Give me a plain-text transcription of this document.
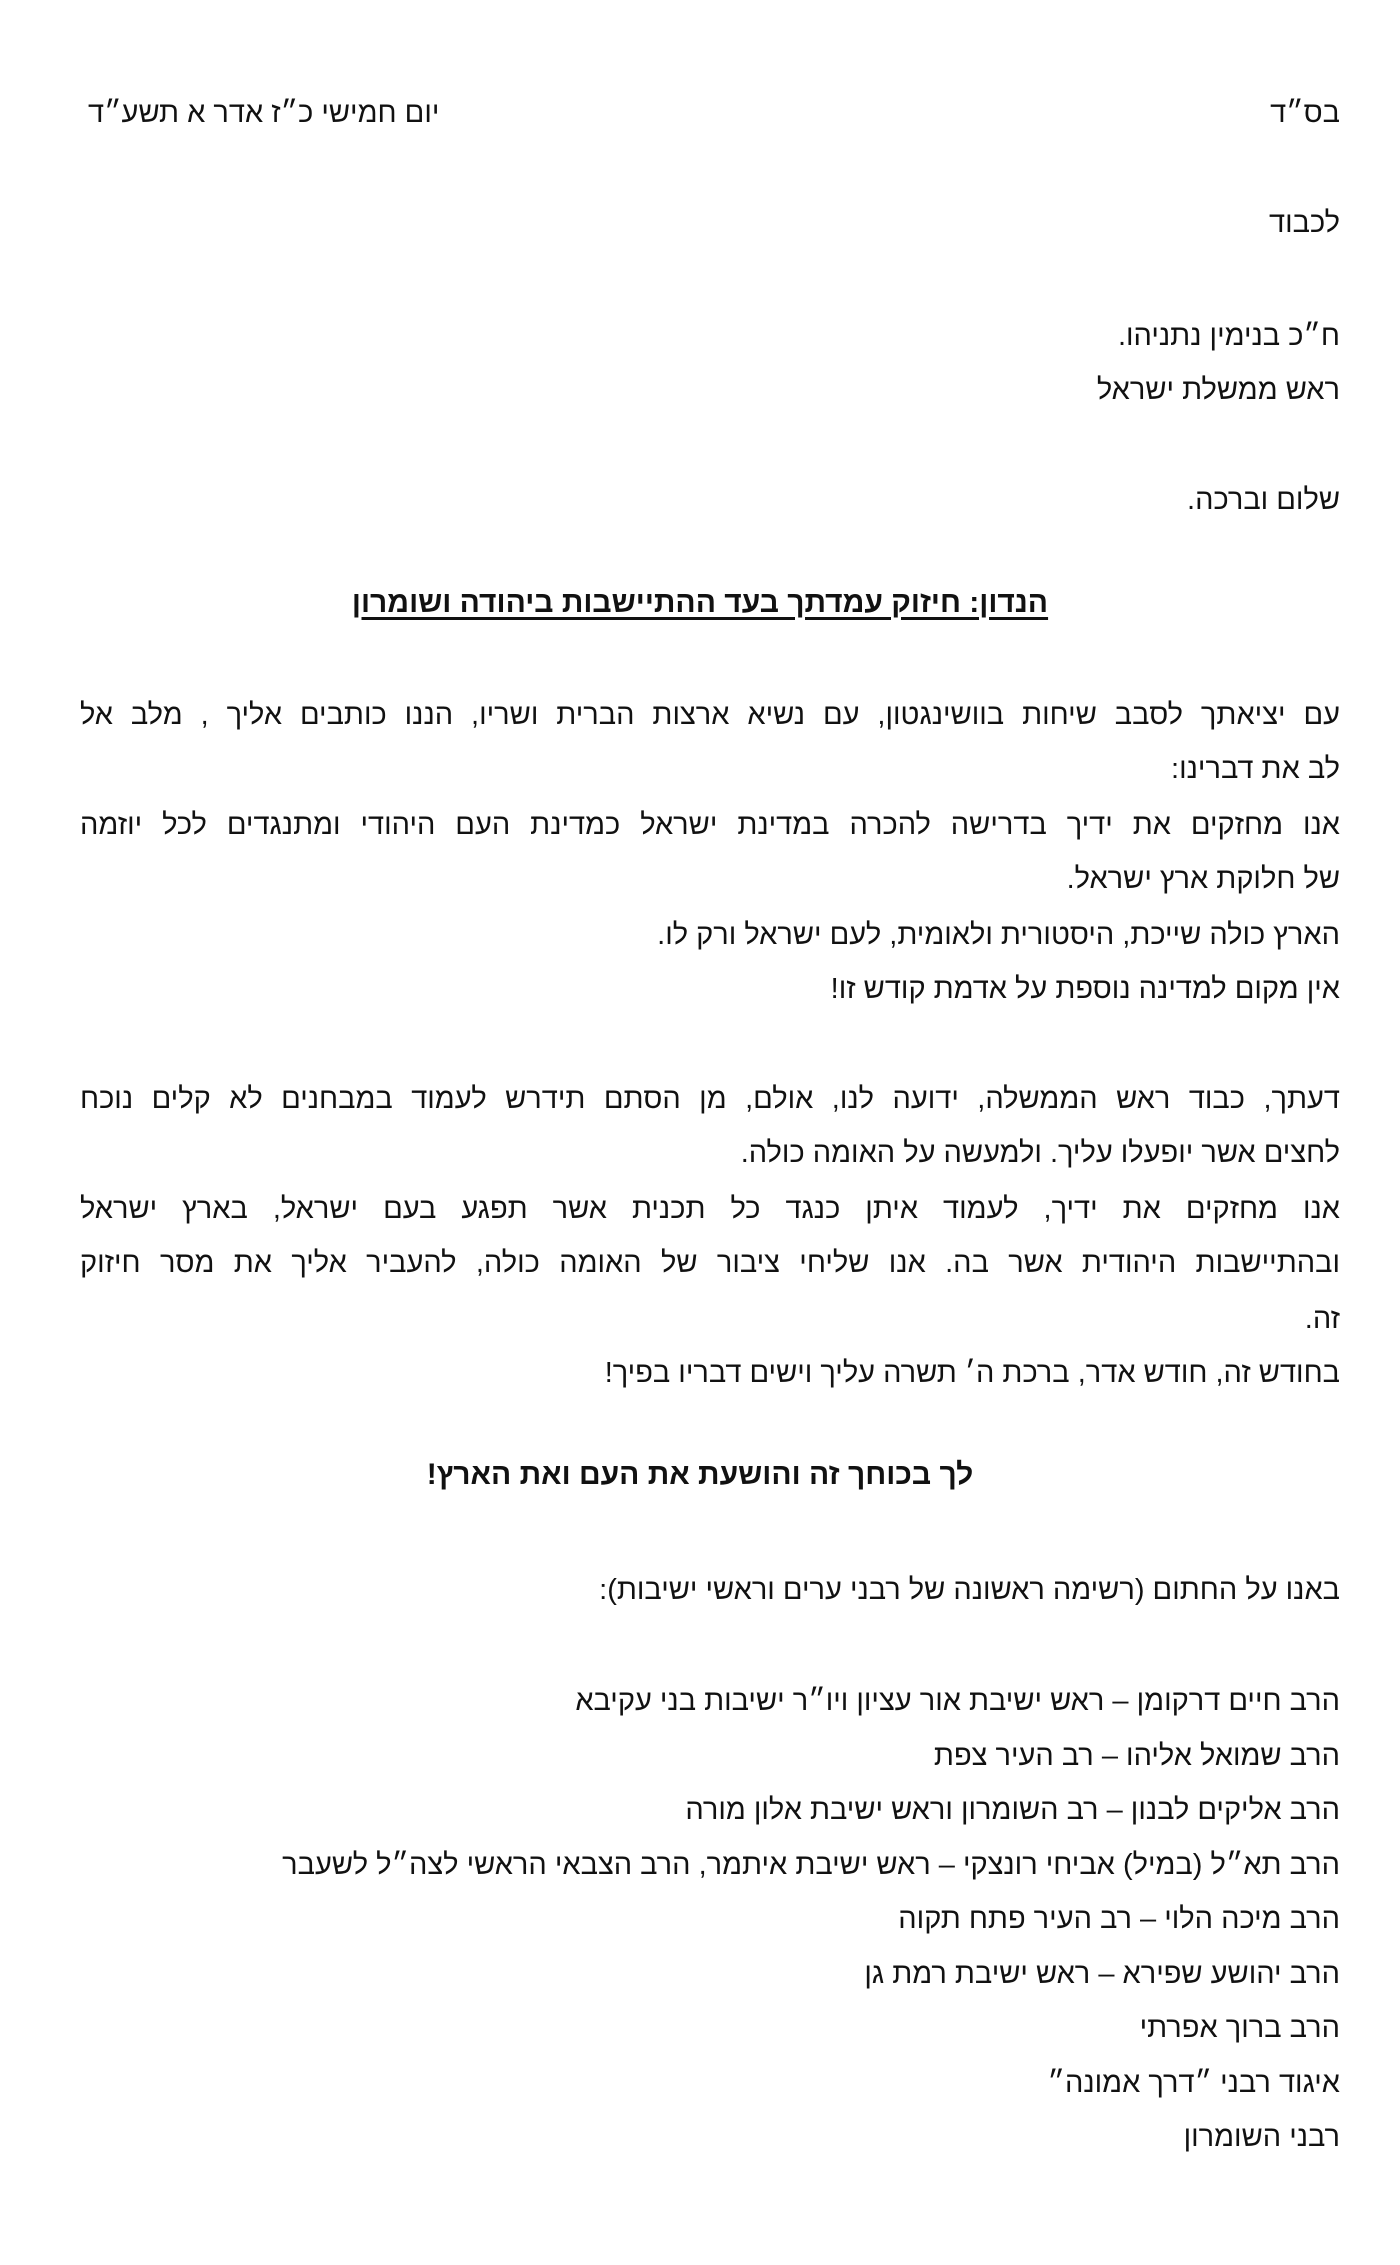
בס״ד
יום חמישי כ״ז אדר א תשע״ד
לכבוד
ח״כ בנימין נתניהו.
ראש ממשלת ישראל
שלום וברכה.
הנדון: חיזוק עמדתך בעד ההתיישבות ביהודה ושומרון
עם יציאתך לסבב שיחות בוושינגטון, עם נשיא ארצות הברית ושריו, הננו כותבים אליך , מלב אל
לב את דברינו:
אנו מחזקים את ידיך בדרישה להכרה במדינת ישראל כמדינת העם היהודי ומתנגדים לכל יוזמה
של חלוקת ארץ ישראל.
הארץ כולה שייכת, היסטורית ולאומית, לעם ישראל ורק לו.
אין מקום למדינה נוספת על אדמת קודש זו!
דעתך, כבוד ראש הממשלה, ידועה לנו, אולם, מן הסתם תידרש לעמוד במבחנים לא קלים נוכח
לחצים אשר יופעלו עליך. ולמעשה על האומה כולה.
אנו מחזקים את ידיך, לעמוד איתן כנגד כל תכנית אשר תפגע בעם ישראל, בארץ ישראל
ובהתיישבות היהודית אשר בה. אנו שליחי ציבור של האומה כולה, להעביר אליך את מסר חיזוק
זה.
בחודש זה, חודש אדר, ברכת ה׳ תשרה עליך וישים דבריו בפיך!
לך בכוחך זה והושעת את העם ואת הארץ!
באנו על החתום (רשימה ראשונה של רבני ערים וראשי ישיבות):
הרב חיים דרקומן – ראש ישיבת אור עציון ויו״ר ישיבות בני עקיבא
הרב שמואל אליהו – רב העיר צפת
הרב אליקים לבנון – רב השומרון וראש ישיבת אלון מורה
הרב תא״ל (במיל) אביחי רונצקי – ראש ישיבת איתמר, הרב הצבאי הראשי לצה״ל לשעבר
הרב מיכה הלוי – רב העיר פתח תקוה
הרב יהושע שפירא – ראש ישיבת רמת גן
הרב ברוך אפרתי
איגוד רבני ״דרך אמונה״
רבני השומרון
